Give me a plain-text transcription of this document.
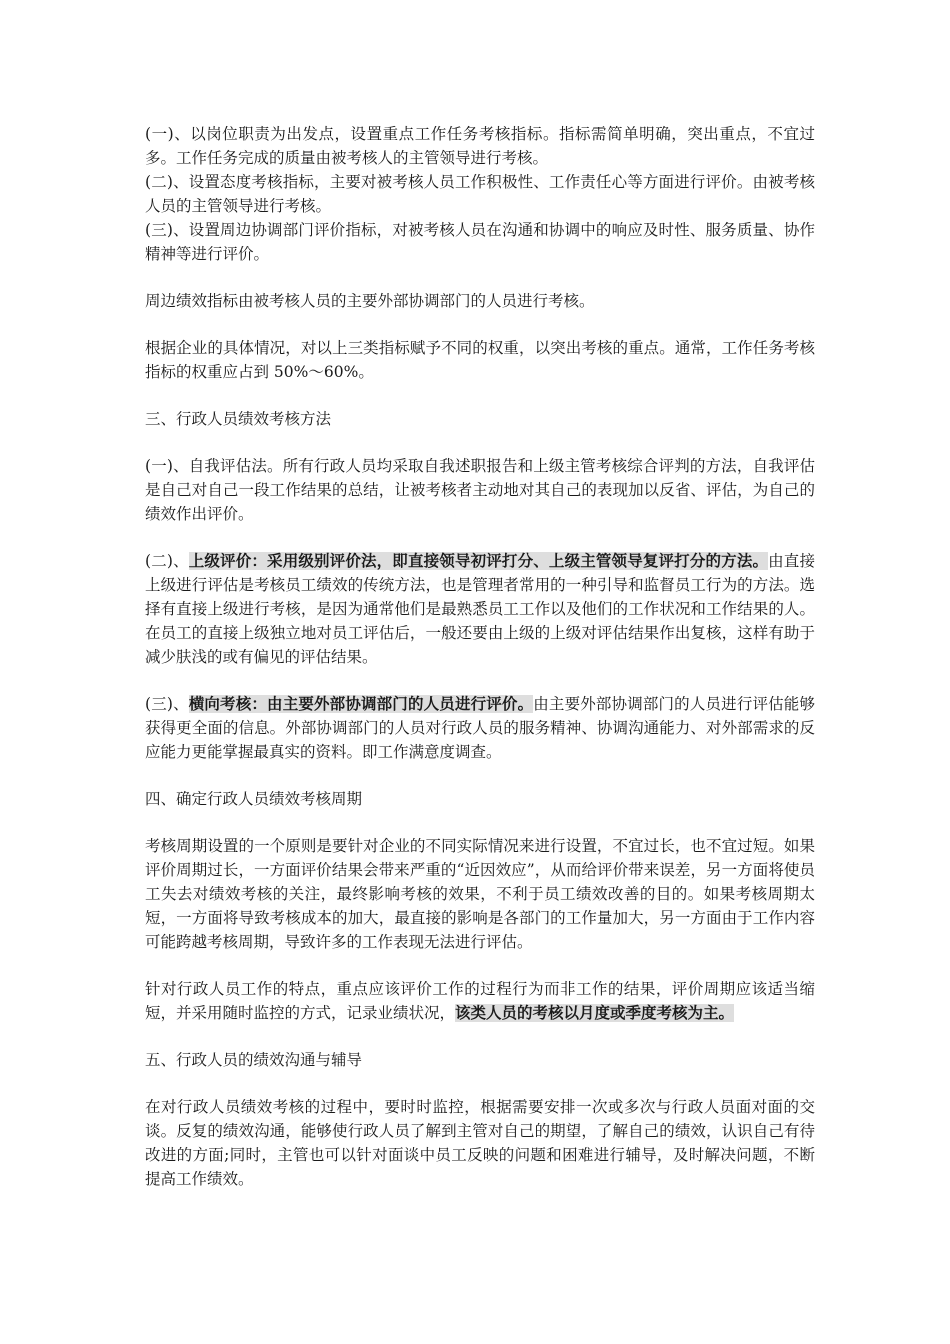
(一)、以岗位职责为出发点，设置重点工作任务考核指标。指标需简单明确，突出重点，不宜过多。工作任务完成的质量由被考核人的主管领导进行考核。

(二)、设置态度考核指标，主要对被考核人员工作积极性、工作责任心等方面进行评价。由被考核人员的主管领导进行考核。

(三)、设置周边协调部门评价指标，对被考核人员在沟通和协调中的响应及时性、服务质量、协作精神等进行评价。

周边绩效指标由被考核人员的主要外部协调部门的人员进行考核。

根据企业的具体情况，对以上三类指标赋予不同的权重，以突出考核的重点。通常，工作任务考核指标的权重应占到 50%～60%。

三、行政人员绩效考核方法

(一)、自我评估法。所有行政人员均采取自我述职报告和上级主管考核综合评判的方法，自我评估是自己对自己一段工作结果的总结，让被考核者主动地对其自己的表现加以反省、评估，为自己的绩效作出评价。

(二)、上级评价：采用级别评价法，即直接领导初评打分、上级主管领导复评打分的方法。由直接上级进行评估是考核员工绩效的传统方法，也是管理者常用的一种引导和监督员工行为的方法。选择有直接上级进行考核，是因为通常他们是最熟悉员工工作以及他们的工作状况和工作结果的人。在员工的直接上级独立地对员工评估后，一般还要由上级的上级对评估结果作出复核，这样有助于减少肤浅的或有偏见的评估结果。

(三)、横向考核：由主要外部协调部门的人员进行评价。由主要外部协调部门的人员进行评估能够获得更全面的信息。外部协调部门的人员对行政人员的服务精神、协调沟通能力、对外部需求的反应能力更能掌握最真实的资料。即工作满意度调查。

四、确定行政人员绩效考核周期

考核周期设置的一个原则是要针对企业的不同实际情况来进行设置，不宜过长，也不宜过短。如果评价周期过长，一方面评价结果会带来严重的“近因效应”，从而给评价带来误差，另一方面将使员工失去对绩效考核的关注，最终影响考核的效果，不利于员工绩效改善的目的。如果考核周期太短，一方面将导致考核成本的加大，最直接的影响是各部门的工作量加大，另一方面由于工作内容可能跨越考核周期，导致许多的工作表现无法进行评估。

针对行政人员工作的特点，重点应该评价工作的过程行为而非工作的结果，评价周期应该适当缩短，并采用随时监控的方式，记录业绩状况，该类人员的考核以月度或季度考核为主。

五、行政人员的绩效沟通与辅导

在对行政人员绩效考核的过程中，要时时监控，根据需要安排一次或多次与行政人员面对面的交谈。反复的绩效沟通，能够使行政人员了解到主管对自己的期望，了解自己的绩效，认识自己有待改进的方面;同时，主管也可以针对面谈中员工反映的问题和困难进行辅导，及时解决问题，不断提高工作绩效。
